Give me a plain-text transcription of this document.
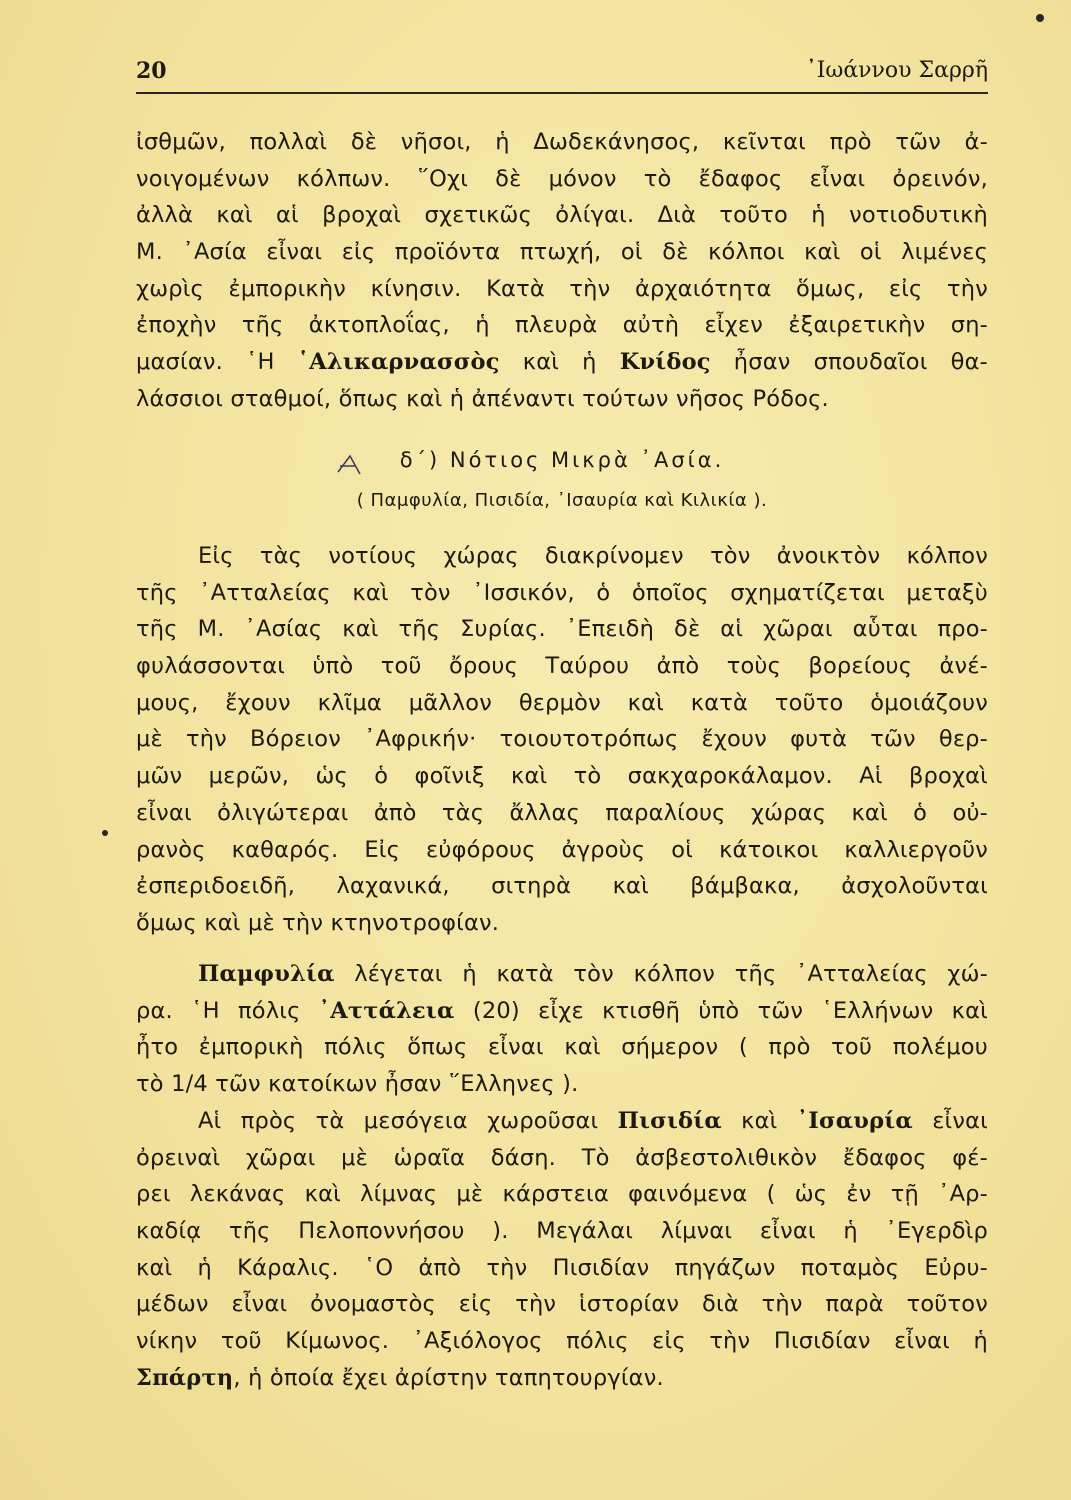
20	᾿Ιωάννου Σαρρῆ
ἰσθμῶν, πολλαὶ δὲ νῆσοι, ἡ Δωδεκάνησος, κεῖνται πρὸ τῶν ἀ-
νοιγομένων κόλπων. ῞Οχι δὲ μόνον τὸ ἔδαφος εἶναι ὀρεινόν,
ἀλλὰ καὶ αἱ βροχαὶ σχετικῶς ὀλίγαι. Διὰ τοῦτο ἡ νοτιοδυτικὴ
Μ. ᾿Ασία εἶναι εἰς προϊόντα πτωχή, οἱ δὲ κόλποι καὶ οἱ λιμένες
χωρὶς ἐμπορικὴν κίνησιν. Κατὰ τὴν ἀρχαιότητα ὅμως, εἰς τὴν
ἐποχὴν τῆς ἀκτοπλοΐας, ἡ πλευρὰ αὐτὴ εἶχεν ἐξαιρετικὴν ση-
μασίαν. ῾Η ῾Αλικαρνασσὸς καὶ ἡ Κνίδος ἦσαν σπουδαῖοι θα-
λάσσιοι σταθμοί, ὅπως καὶ ἡ ἀπέναντι τούτων νῆσος Ρόδος.
δ΄) Νότιος Μικρὰ ᾿Ασία.
( Παμφυλία, Πισιδία, ᾿Ισαυρία καὶ Κιλικία ).
Εἰς τὰς νοτίους χώρας διακρίνομεν τὸν ἀνοικτὸν κόλπον
τῆς ᾿Ατταλείας καὶ τὸν ᾿Ισσικόν, ὁ ὁποῖος σχηματίζεται μεταξὺ
τῆς Μ. ᾿Ασίας καὶ τῆς Συρίας. ᾿Επειδὴ δὲ αἱ χῶραι αὗται προ-
φυλάσσονται ὑπὸ τοῦ ὄρους Ταύρου ἀπὸ τοὺς βορείους ἀνέ-
μους, ἔχουν κλῖμα μᾶλλον θερμὸν καὶ κατὰ τοῦτο ὁμοιάζουν
μὲ τὴν Βόρειον ᾿Αφρικήν· τοιουτοτρόπως ἔχουν φυτὰ τῶν θερ-
μῶν μερῶν, ὡς ὁ φοῖνιξ καὶ τὸ σακχαροκάλαμον. Αἱ βροχαὶ
εἶναι ὀλιγώτεραι ἀπὸ τὰς ἄλλας παραλίους χώρας καὶ ὁ οὐ-
ρανὸς καθαρός. Εἰς εὐφόρους ἀγροὺς οἱ κάτοικοι καλλιεργοῦν
ἐσπεριδοειδῆ, λαχανικά, σιτηρὰ καὶ βάμβακα, ἀσχολοῦνται
ὅμως καὶ μὲ τὴν κτηνοτροφίαν.
Παμφυλία λέγεται ἡ κατὰ τὸν κόλπον τῆς ᾿Ατταλείας χώ-
ρα. ῾Η πόλις ᾿Αττάλεια (20) εἶχε κτισθῆ ὑπὸ τῶν ῾Ελλήνων καὶ
ἦτο ἐμπορικὴ πόλις ὅπως εἶναι καὶ σήμερον ( πρὸ τοῦ πολέμου
τὸ 1/4 τῶν κατοίκων ἦσαν ῞Ελληνες ).
Αἱ πρὸς τὰ μεσόγεια χωροῦσαι Πισιδία καὶ ᾿Ισαυρία εἶναι
ὀρειναὶ χῶραι μὲ ὡραῖα δάση. Τὸ ἀσβεστολιθικὸν ἔδαφος φέ-
ρει λεκάνας καὶ λίμνας μὲ κάρστεια φαινόμενα ( ὡς ἐν τῇ ᾿Αρ-
καδίᾳ τῆς Πελοποννήσου ). Μεγάλαι λίμναι εἶναι ἡ ᾿Εγερδὶρ
καὶ ἡ Κάραλις. ῾Ο ἀπὸ τὴν Πισιδίαν πηγάζων ποταμὸς Εὐρυ-
μέδων εἶναι ὀνομαστὸς εἰς τὴν ἱστορίαν διὰ τὴν παρὰ τοῦτον
νίκην τοῦ Κίμωνος. ᾿Αξιόλογος πόλις εἰς τὴν Πισιδίαν εἶναι ἡ
Σπάρτη, ἡ ὁποία ἔχει ἀρίστην ταπητουργίαν.
